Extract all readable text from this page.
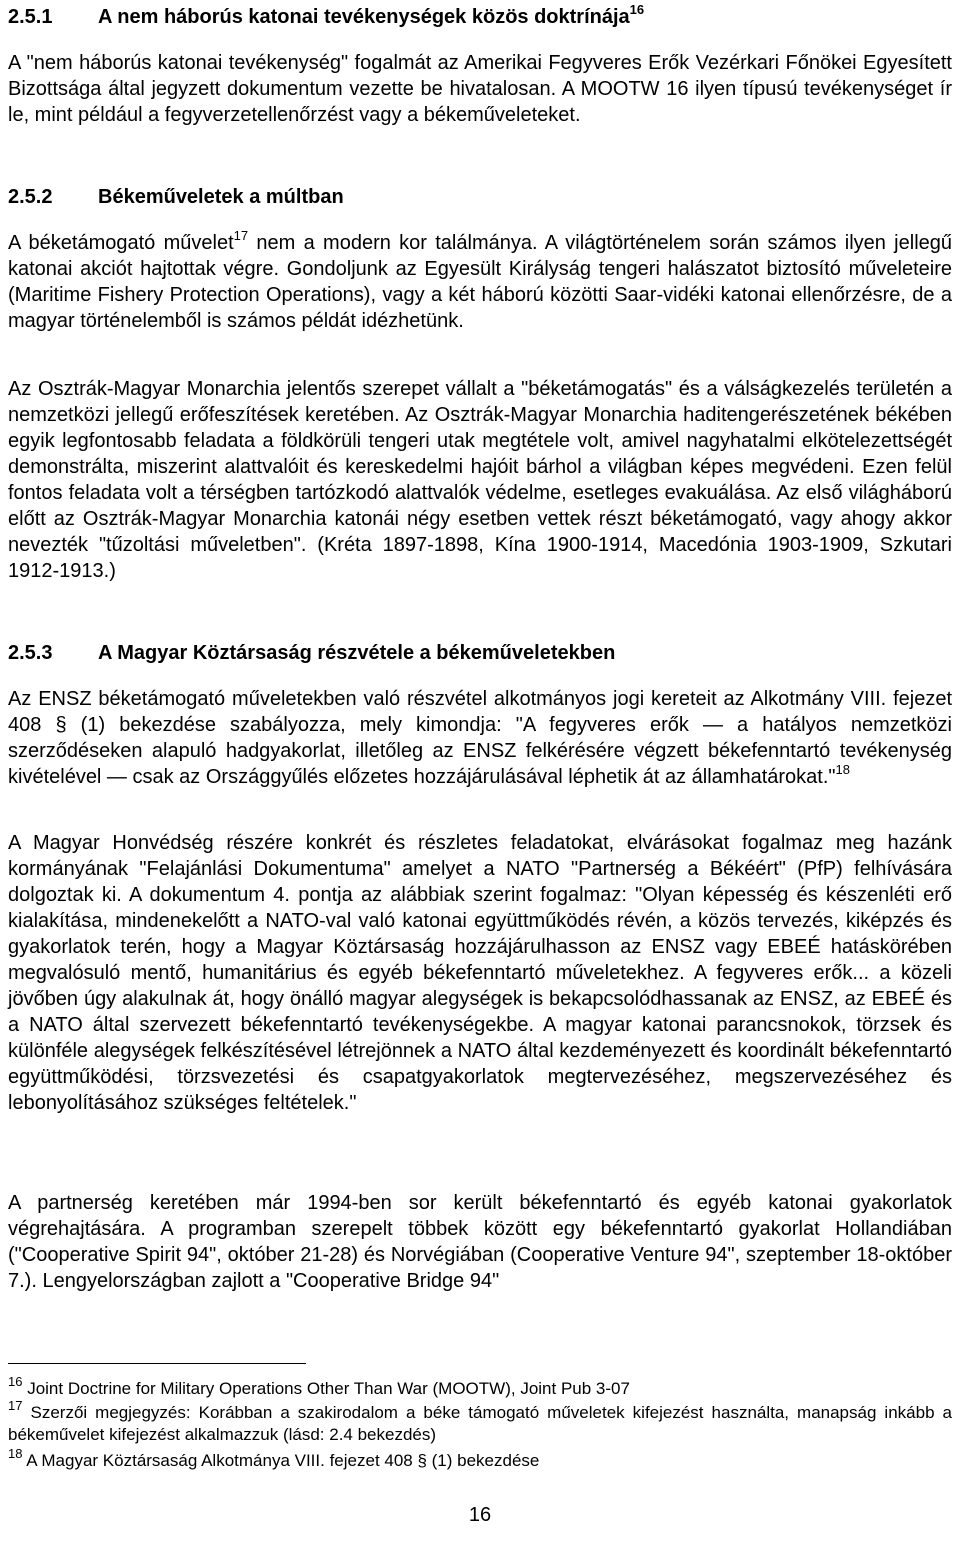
2.5.1 A nem háborús katonai tevékenységek közös doktrínája$^{16}$

A "nem háborús katonai tevékenység" fogalmát az Amerikai Fegyveres Erők Vezérkari Főnökei Egyesített Bizottsága által jegyzett dokumentum vezette be hivatalosan. A MOOTW 16 ilyen típusú tevékenységet ír le, mint például a fegyverzetellenőrzést vagy a békeműveleteket.

2.5.2 Békeműveletek a múltban

A béketámogató művelet$^{17}$ nem a modern kor találmánya. A világtörténelem során számos ilyen jellegű katonai akciót hajtottak végre. Gondoljunk az Egyesült Királyság tengeri halászatot biztosító műveleteire (Maritime Fishery Protection Operations), vagy a két háború közötti Saar-vidéki katonai ellenőrzésre, de a magyar történelemből is számos példát idézhetünk.

Az Osztrák-Magyar Monarchia jelentős szerepet vállalt a "béketámogatás" és a válságkezelés területén a nemzetközi jellegű erőfeszítések keretében. Az Osztrák-Magyar Monarchia haditengerészetének békében egyik legfontosabb feladata a földkörüli tengeri utak megtétele volt, amivel nagyhatalmi elkötelezettségét demonstrálta, miszerint alattvalóit és kereskedelmi hajóit bárhol a világban képes megvédeni. Ezen felül fontos feladata volt a térségben tartózkodó alattvalók védelme, esetleges evakuálása. Az első világháború előtt az Osztrák-Magyar Monarchia katonái négy esetben vettek részt béketámogató, vagy ahogy akkor nevezték "tűzoltási műveletben". (Kréta 1897-1898, Kína 1900-1914, Macedónia 1903-1909, Szkutari 1912-1913.)

2.5.3 A Magyar Köztársaság részvétele a békeműveletekben

Az ENSZ béketámogató műveletekben való részvétel alkotmányos jogi kereteit az Alkotmány VIII. fejezet 408 § (1) bekezdése szabályozza, mely kimondja: "A fegyveres erők — a hatályos nemzetközi szerződéseken alapuló hadgyakorlat, illetőleg az ENSZ felkérésére végzett békefenntartó tevékenység kivételével — csak az Országgyűlés előzetes hozzájárulásával léphetik át az államhatárokat."$^{18}$

A Magyar Honvédség részére konkrét és részletes feladatokat, elvárásokat fogalmaz meg hazánk kormányának "Felajánlási Dokumentuma" amelyet a NATO "Partnerség a Békéért" (PfP) felhívására dolgoztak ki. A dokumentum 4. pontja az alábbiak szerint fogalmaz: "Olyan képesség és készenléti erő kialakítása, mindenekelőtt a NATO-val való katonai együttműködés révén, a közös tervezés, kiképzés és gyakorlatok terén, hogy a Magyar Köztársaság hozzájárulhasson az ENSZ vagy EBEÉ hatáskörében megvalósuló mentő, humanitárius és egyéb békefenntartó műveletekhez. A fegyveres erők... a közeli jövőben úgy alakulnak át, hogy önálló magyar alegységek is bekapcsolódhassanak az ENSZ, az EBEÉ és a NATO által szervezett békefenntartó tevékenységekbe. A magyar katonai parancsnokok, törzsek és különféle alegységek felkészítésével létrejönnek a NATO által kezdeményezett és koordinált békefenntartó együttműködési, törzsvezetési és csapatgyakorlatok megtervezéséhez, megszervezéséhez és lebonyolításához szükséges feltételek."

A partnerség keretében már 1994-ben sor került békefenntartó és egyéb katonai gyakorlatok végrehajtására. A programban szerepelt többek között egy békefenntartó gyakorlat Hollandiában ("Cooperative Spirit 94", október 21-28) és Norvégiában (Cooperative Venture 94", szeptember 18-október 7.). Lengyelországban zajlott a "Cooperative Bridge 94"

$^{16}$ Joint Doctrine for Military Operations Other Than War (MOOTW), Joint Pub 3-07

$^{17}$ Szerzői megjegyzés: Korábban a szakirodalom a béke támogató műveletek kifejezést használta, manapság inkább a békeművelet kifejezést alkalmazzuk (lásd: 2.4 bekezdés)

$^{18}$ A Magyar Köztársaság Alkotmánya VIII. fejezet 408 § (1) bekezdése

16
